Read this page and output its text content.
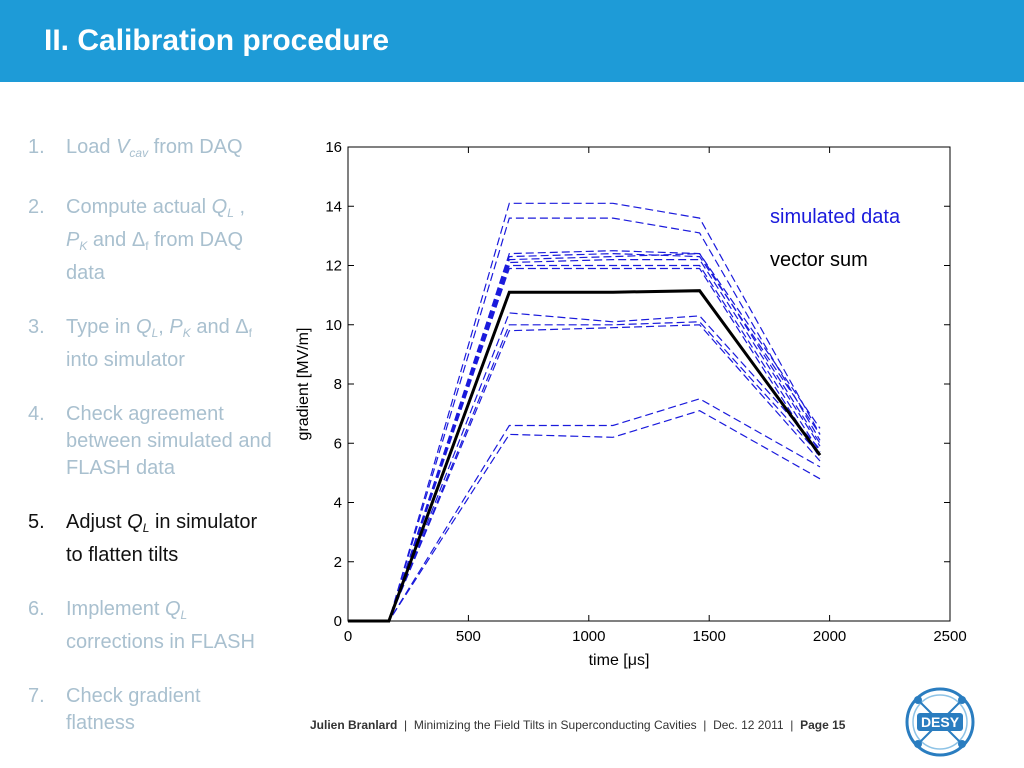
II. Calibration procedure
1. Load $V_{cav}$ from DAQ
2. Compute actual $Q_L$ ,
$P_K$ and $\Delta_f$ from DAQ
data
3. Type in $Q_L$, $P_K$ and $\Delta_f$
into simulator
4. Check agreement between simulated and FLASH data
5. Adjust $Q_L$ in simulator
to flatten tilts
6. Implement $Q_L$
corrections in FLASH
7. Check gradient flatness
0
2
4
6
8
10
12
14
16
0	500	1000	1500	2000	2500
time [μs]
gradient [MV/m]
simulated data
vector sum
Julien Branlard | Minimizing the Field Tilts in Superconducting Cavities | Dec. 12 2011 | Page 15	DESY
